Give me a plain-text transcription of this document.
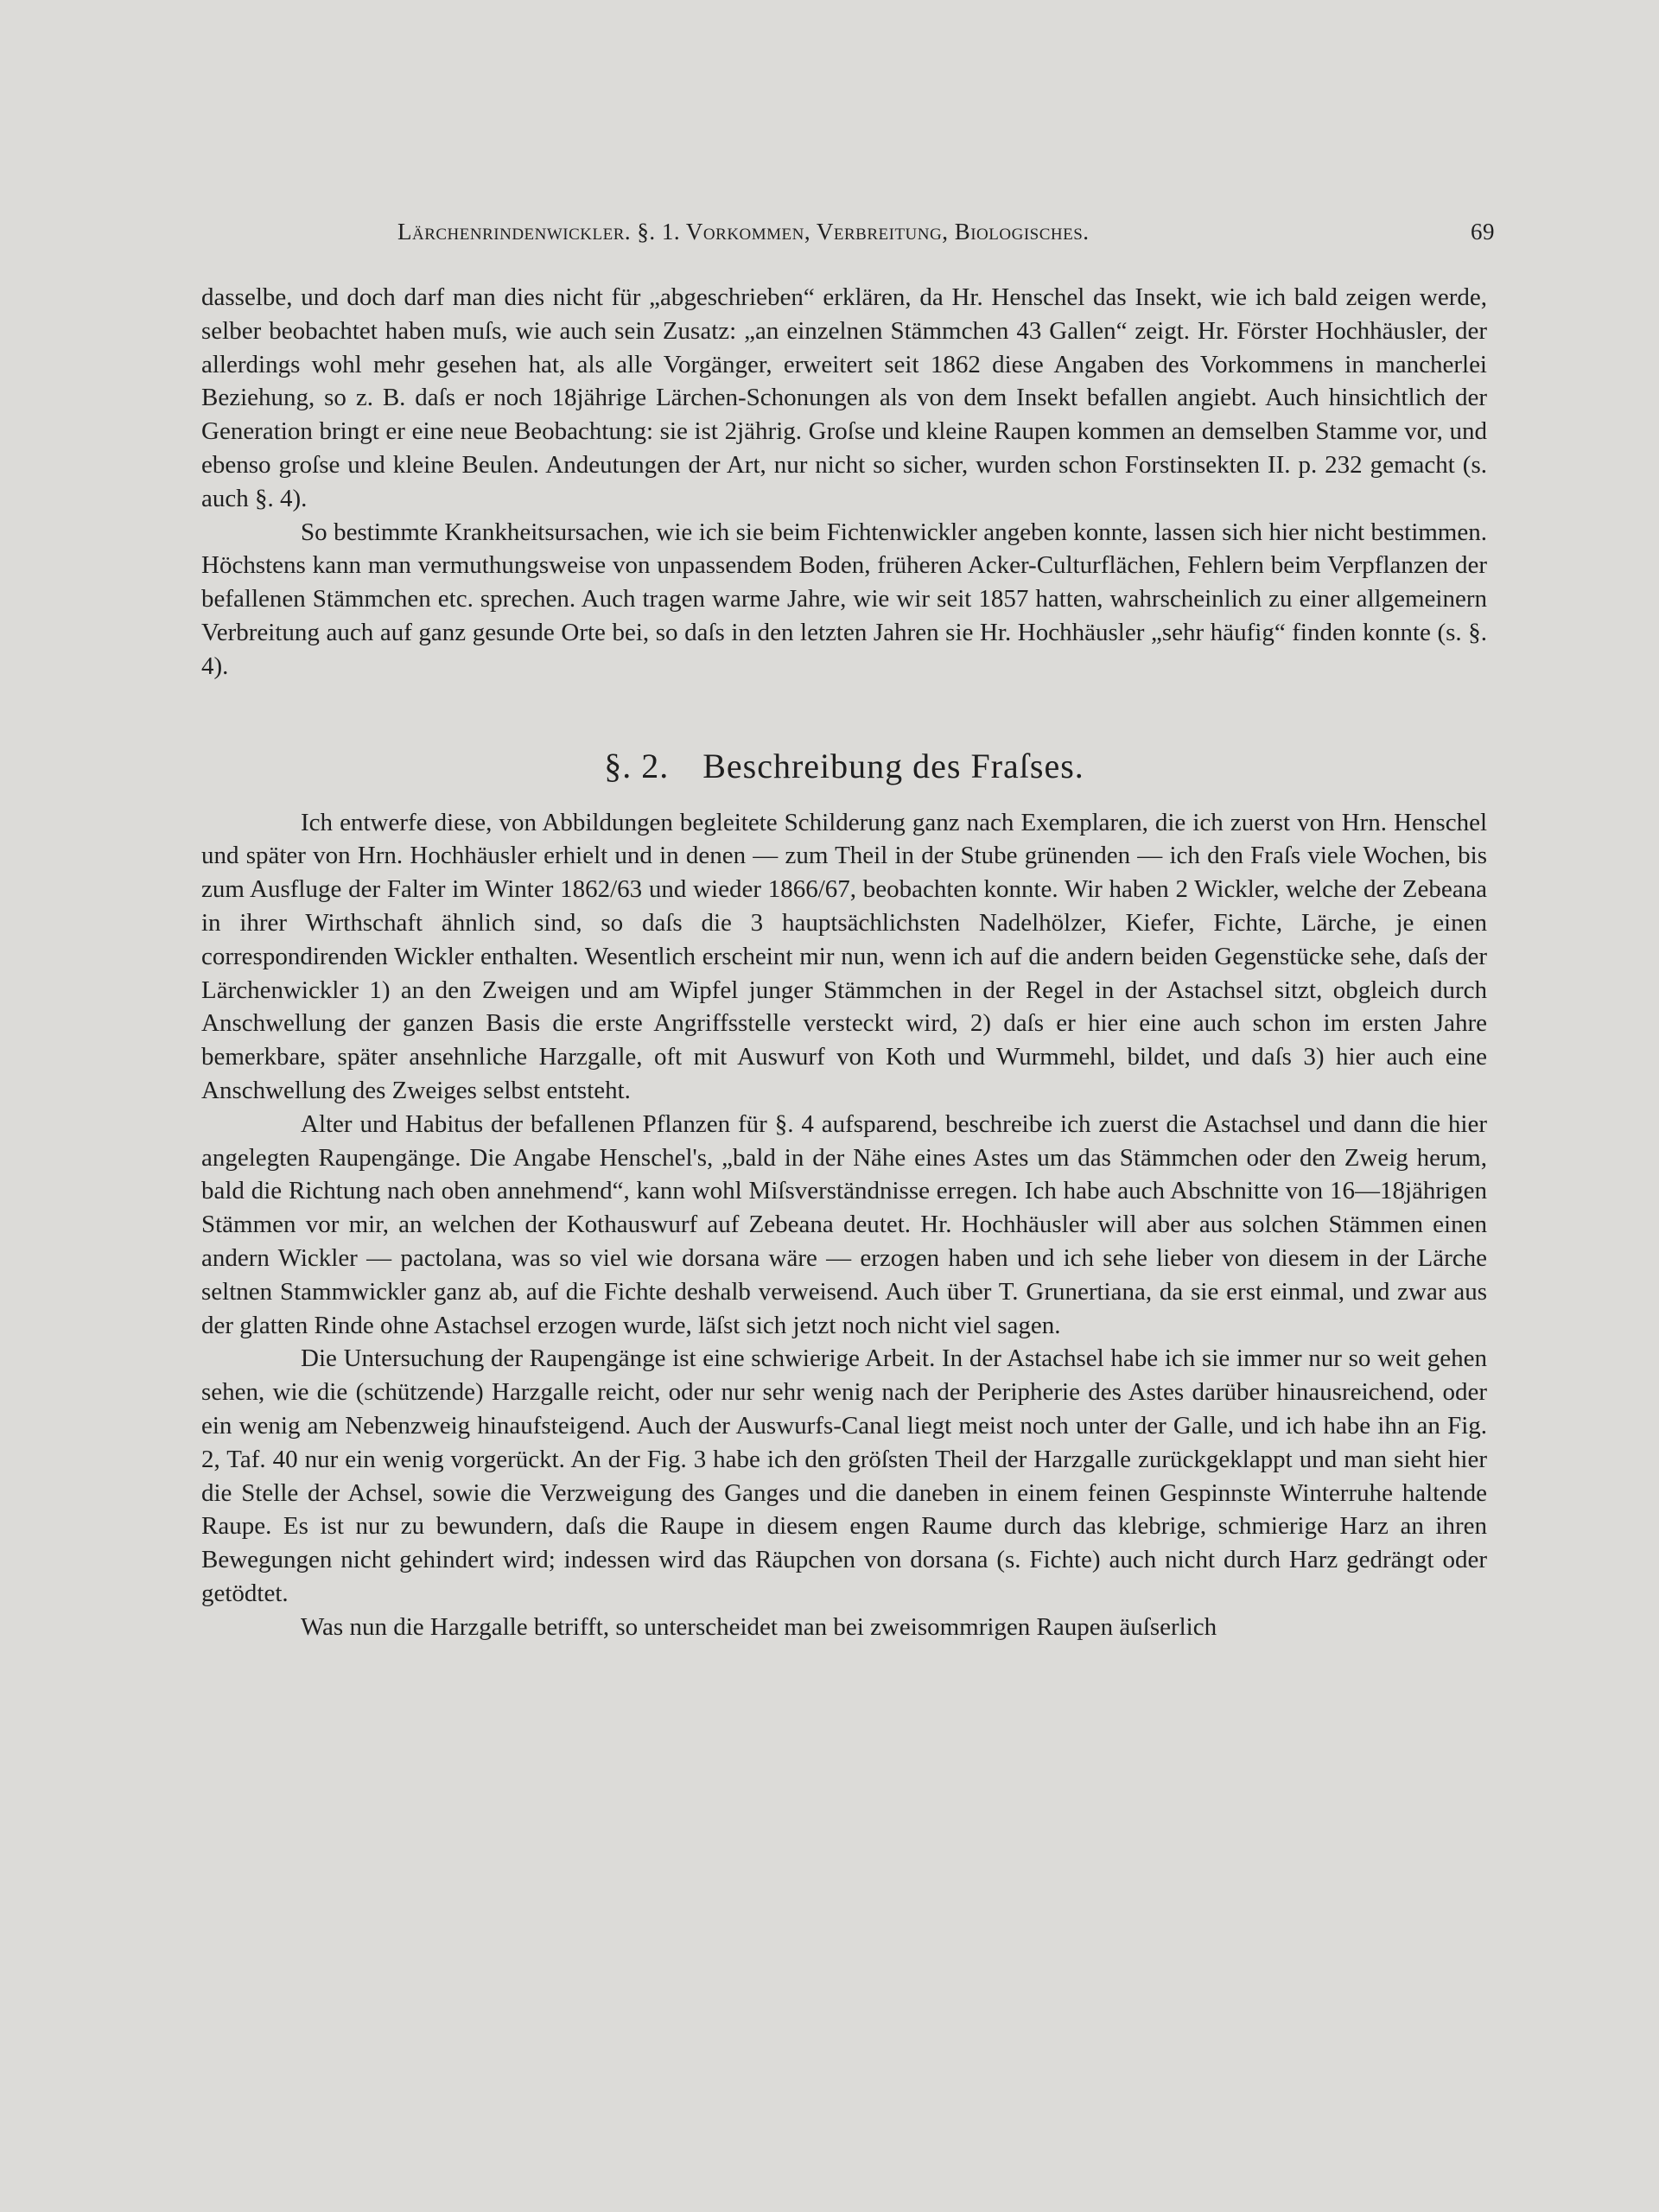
Lärchenrindenwickler. §. 1. Vorkommen, Verbreitung, Biologisches.	69

dasselbe, und doch darf man dies nicht für „abgeschrieben“ erklären, da Hr. Henschel das Insekt, wie ich bald zeigen werde, selber beobachtet haben muſs, wie auch sein Zusatz: „an einzelnen Stämmchen 43 Gallen“ zeigt. Hr. Förster Hochhäusler, der allerdings wohl mehr gesehen hat, als alle Vorgänger, erweitert seit 1862 diese Angaben des Vorkommens in mancherlei Beziehung, so z. B. daſs er noch 18jährige Lärchen-Schonungen als von dem Insekt befallen angiebt. Auch hinsichtlich der Generation bringt er eine neue Beobachtung: sie ist 2jährig. Groſse und kleine Raupen kommen an demselben Stamme vor, und ebenso groſse und kleine Beulen. Andeutungen der Art, nur nicht so sicher, wurden schon Forstinsekten II. p. 232 gemacht (s. auch §. 4).

So bestimmte Krankheitsursachen, wie ich sie beim Fichtenwickler angeben konnte, lassen sich hier nicht bestimmen. Höchstens kann man vermuthungsweise von unpassendem Boden, früheren Acker-Culturflächen, Fehlern beim Verpflanzen der befallenen Stämmchen etc. sprechen. Auch tragen warme Jahre, wie wir seit 1857 hatten, wahrscheinlich zu einer allgemeinern Verbreitung auch auf ganz gesunde Orte bei, so daſs in den letzten Jahren sie Hr. Hochhäusler „sehr häufig“ finden konnte (s. §. 4).

§. 2. Beschreibung des Fraſses.

Ich entwerfe diese, von Abbildungen begleitete Schilderung ganz nach Exemplaren, die ich zuerst von Hrn. Henschel und später von Hrn. Hochhäusler erhielt und in denen — zum Theil in der Stube grünenden — ich den Fraſs viele Wochen, bis zum Ausfluge der Falter im Winter 1862/63 und wieder 1866/67, beobachten konnte. Wir haben 2 Wickler, welche der Zebeana in ihrer Wirthschaft ähnlich sind, so daſs die 3 hauptsächlichsten Nadelhölzer, Kiefer, Fichte, Lärche, je einen correspondirenden Wickler enthalten. Wesentlich erscheint mir nun, wenn ich auf die andern beiden Gegenstücke sehe, daſs der Lärchenwickler 1) an den Zweigen und am Wipfel junger Stämmchen in der Regel in der Astachsel sitzt, obgleich durch Anschwellung der ganzen Basis die erste Angriffsstelle versteckt wird, 2) daſs er hier eine auch schon im ersten Jahre bemerkbare, später ansehnliche Harzgalle, oft mit Auswurf von Koth und Wurmmehl, bildet, und daſs 3) hier auch eine Anschwellung des Zweiges selbst entsteht.

Alter und Habitus der befallenen Pflanzen für §. 4 aufsparend, beschreibe ich zuerst die Astachsel und dann die hier angelegten Raupengänge. Die Angabe Henschel's, „bald in der Nähe eines Astes um das Stämmchen oder den Zweig herum, bald die Richtung nach oben annehmend“, kann wohl Miſsverständnisse erregen. Ich habe auch Abschnitte von 16—18jährigen Stämmen vor mir, an welchen der Kothauswurf auf Zebeana deutet. Hr. Hochhäusler will aber aus solchen Stämmen einen andern Wickler — pactolana, was so viel wie dorsana wäre — erzogen haben und ich sehe lieber von diesem in der Lärche seltnen Stammwickler ganz ab, auf die Fichte deshalb verweisend. Auch über T. Grunertiana, da sie erst einmal, und zwar aus der glatten Rinde ohne Astachsel erzogen wurde, läſst sich jetzt noch nicht viel sagen.

Die Untersuchung der Raupengänge ist eine schwierige Arbeit. In der Astachsel habe ich sie immer nur so weit gehen sehen, wie die (schützende) Harzgalle reicht, oder nur sehr wenig nach der Peripherie des Astes darüber hinausreichend, oder ein wenig am Nebenzweig hinaufsteigend. Auch der Auswurfs-Canal liegt meist noch unter der Galle, und ich habe ihn an Fig. 2, Taf. 40 nur ein wenig vorgerückt. An der Fig. 3 habe ich den gröſsten Theil der Harzgalle zurückgeklappt und man sieht hier die Stelle der Achsel, sowie die Verzweigung des Ganges und die daneben in einem feinen Gespinnste Winterruhe haltende Raupe. Es ist nur zu bewundern, daſs die Raupe in diesem engen Raume durch das klebrige, schmierige Harz an ihren Bewegungen nicht gehindert wird; indessen wird das Räupchen von dorsana (s. Fichte) auch nicht durch Harz gedrängt oder getödtet.

Was nun die Harzgalle betrifft, so unterscheidet man bei zweisommrigen Raupen äuſserlich
